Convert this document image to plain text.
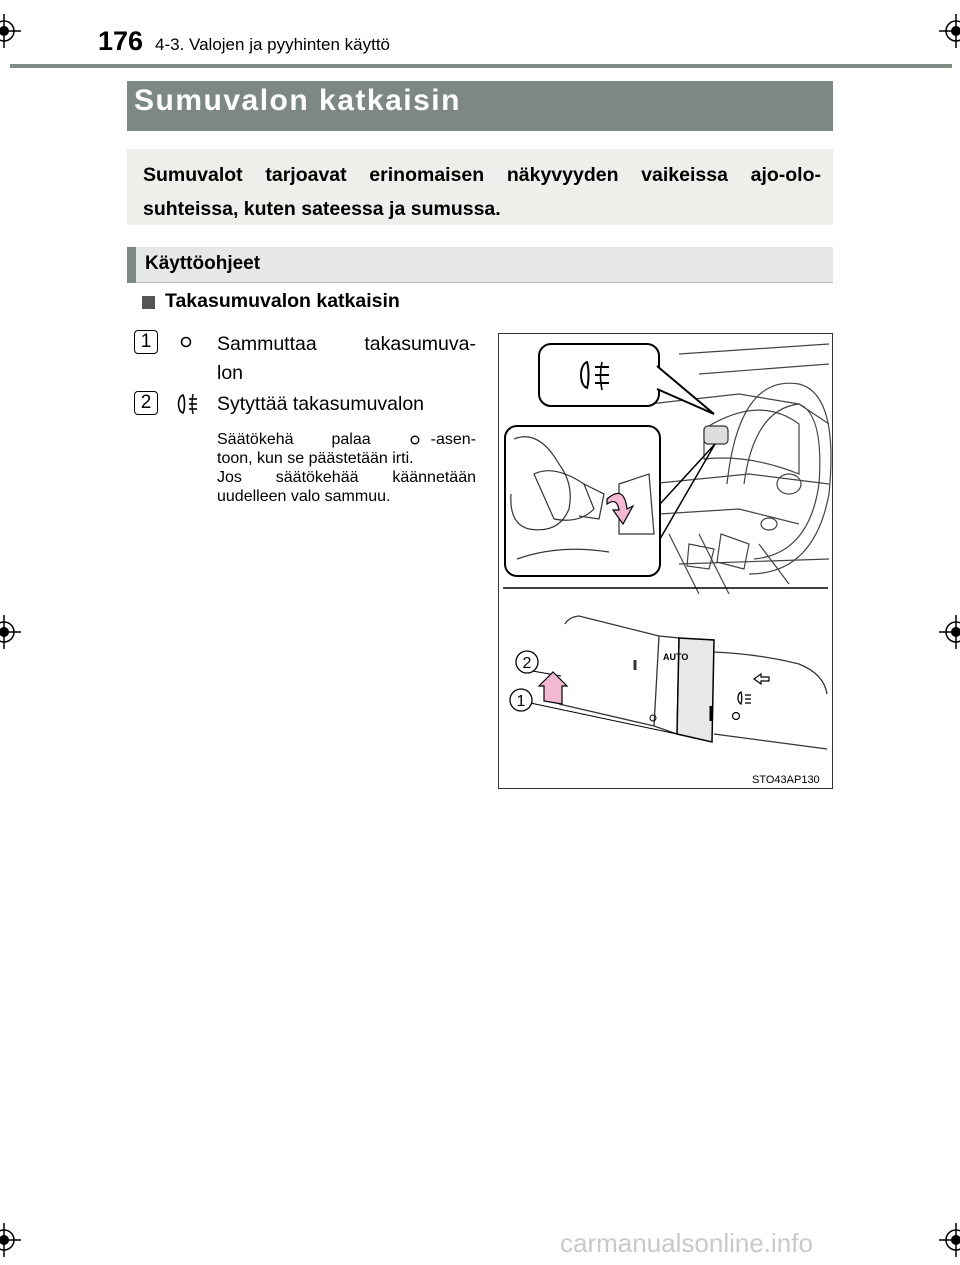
176 4-3. Valojen ja pyyhinten käyttö
Sumuvalon katkaisin
Sumuvalot tarjoavat erinomaisen näkyvyyden vaikeissa ajo-olo-
suhteissa, kuten sateessa ja sumussa.
Käyttöohjeet
Takasumuvalon katkaisin
1	Sammuttaa takasumuva-
lon
2	Sytyttää takasumuvalon
Säätökehä palaa	-asen-
toon, kun se päästetään irti.
Jos säätökehää käännetään
uudelleen valo sammuu.
AUTO
2
1
STO43AP130
carmanualsonline.info
